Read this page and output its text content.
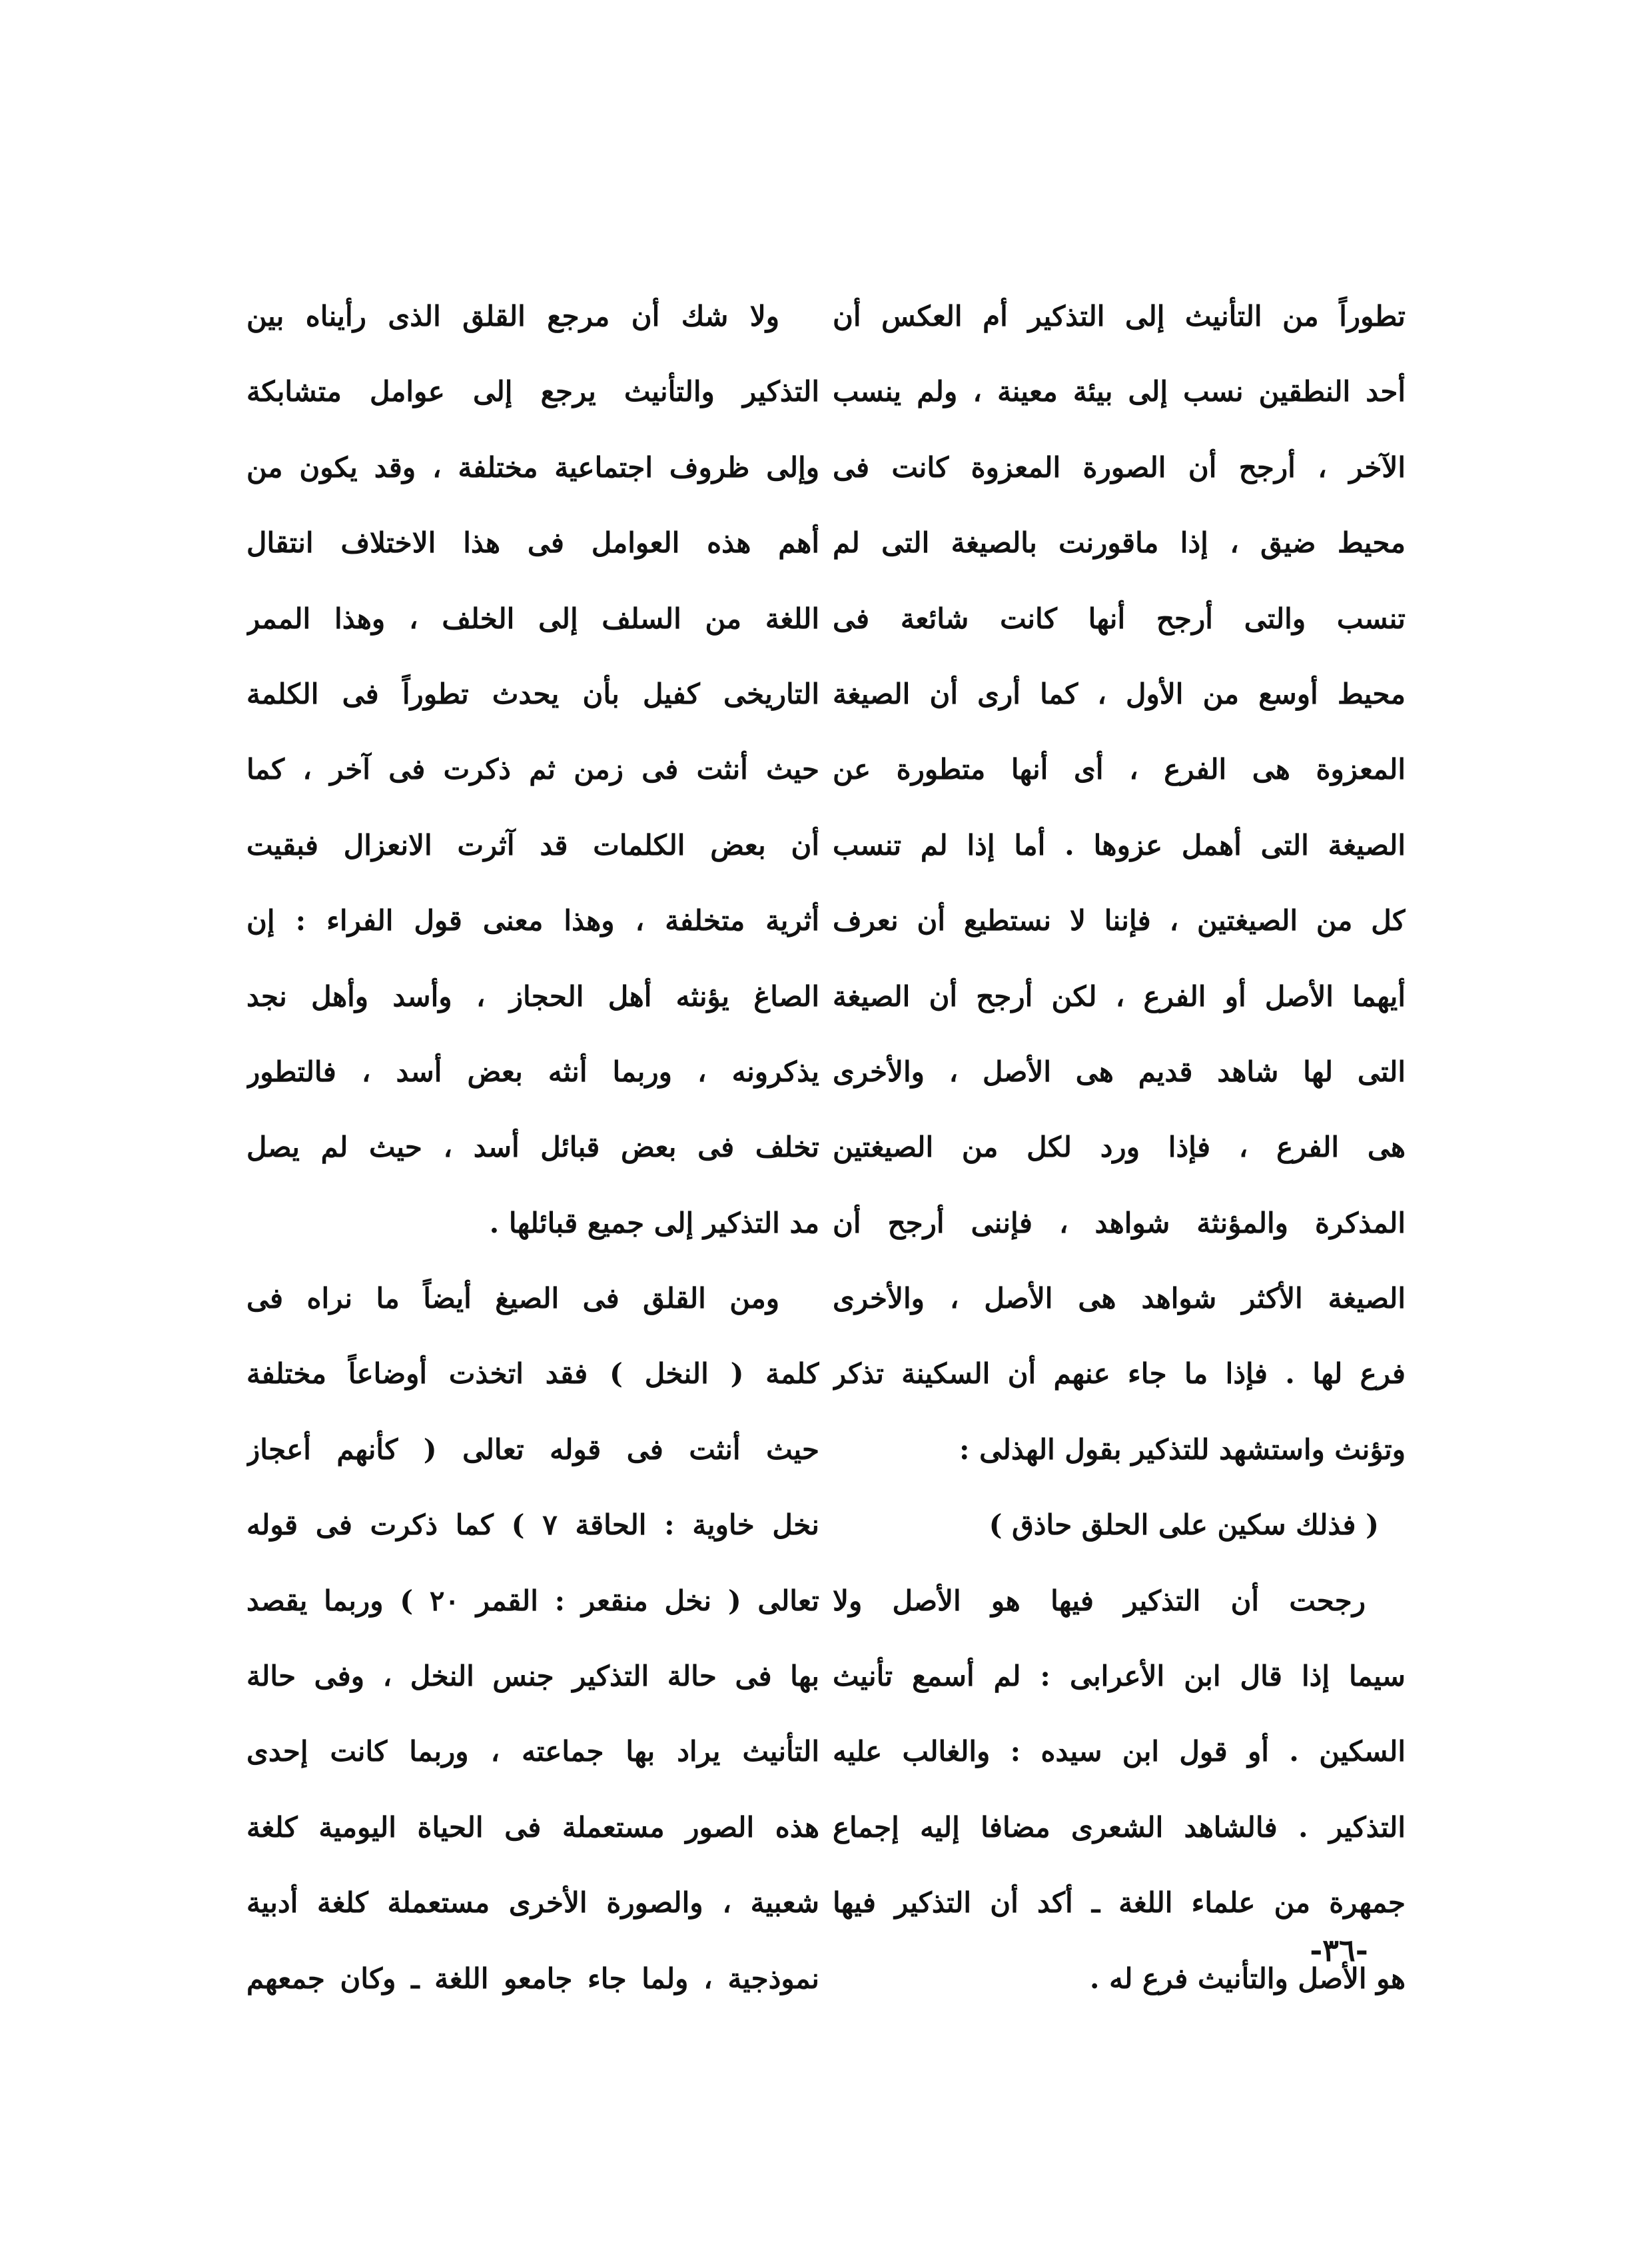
تطوراً من التأنيث إلى التذكير أم العكس أن
أحد النطقين نسب إلى بيئة معينة ، ولم ينسب
الآخر ، أرجح أن الصورة المعزوة كانت فى
محيط ضيق ، إذا ماقورنت بالصيغة التى لم
تنسب والتى أرجح أنها كانت شائعة فى
محيط أوسع من الأول ، كما أرى أن الصيغة
المعزوة هى الفرع ، أى أنها متطورة عن
الصيغة التى أهمل عزوها . أما إذا لم تنسب
كل من الصيغتين ، فإننا لا نستطيع أن نعرف
أيهما الأصل أو الفرع ، لكن أرجح أن الصيغة
التى لها شاهد قديم هى الأصل ، والأخرى
هى الفرع ، فإذا ورد لكل من الصيغتين
المذكرة والمؤنثة شواهد ، فإننى أرجح أن
الصيغة الأكثر شواهد هى الأصل ، والأخرى
فرع لها . فإذا ما جاء عنهم أن السكينة تذكر
وتؤنث واستشهد للتذكير بقول الهذلى :
( فذلك سكين على الحلق حاذق )
رجحت أن التذكير فيها هو الأصل ولا
سيما إذا قال ابن الأعرابى : لم أسمع تأنيث
السكين . أو قول ابن سيده : والغالب عليه
التذكير . فالشاهد الشعرى مضافا إليه إجماع
جمهرة من علماء اللغة ـ أكد أن التذكير فيها
هو الأصل والتأنيث فرع له .
ولا شك أن مرجع القلق الذى رأيناه بين
التذكير والتأنيث يرجع إلى عوامل متشابكة
وإلى ظروف اجتماعية مختلفة ، وقد يكون من
أهم هذه العوامل فى هذا الاختلاف انتقال
اللغة من السلف إلى الخلف ، وهذا الممر
التاريخى كفيل بأن يحدث تطوراً فى الكلمة
حيث أنثت فى زمن ثم ذكرت فى آخر ، كما
أن بعض الكلمات قد آثرت الانعزال فبقيت
أثرية متخلفة ، وهذا معنى قول الفراء : إن
الصاغ يؤنثه أهل الحجاز ، وأسد وأهل نجد
يذكرونه ، وربما أنثه بعض أسد ، فالتطور
تخلف فى بعض قبائل أسد ، حيث لم يصل
مد التذكير إلى جميع قبائلها .
ومن القلق فى الصيغ أيضاً ما نراه فى
كلمة ( النخل ) فقد اتخذت أوضاعاً مختلفة
حيث أنثت فى قوله تعالى ( كأنهم أعجاز
نخل خاوية : الحاقة ٧ ) كما ذكرت فى قوله
تعالى ( نخل منقعر : القمر ٢٠ ) وربما يقصد
بها فى حالة التذكير جنس النخل ، وفى حالة
التأنيث يراد بها جماعته ، وربما كانت إحدى
هذه الصور مستعملة فى الحياة اليومية كلغة
شعبية ، والصورة الأخرى مستعملة كلغة أدبية
نموذجية ، ولما جاء جامعو اللغة ـ وكان جمعهم
-٣٦-
